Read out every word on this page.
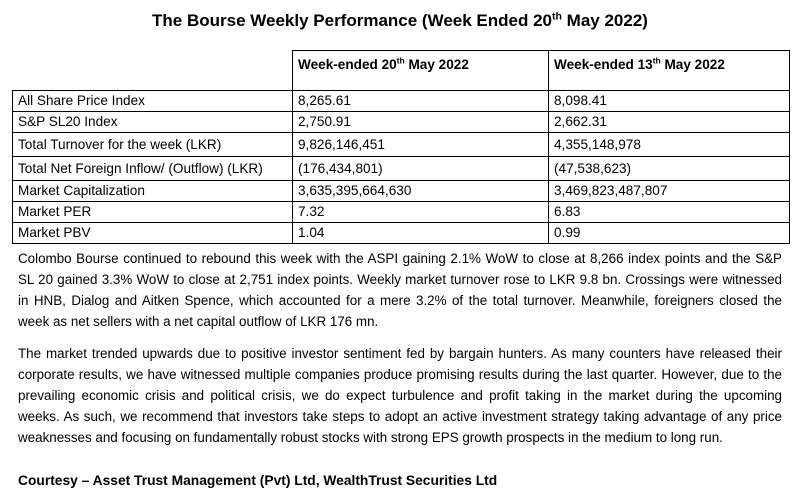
The Bourse Weekly Performance (Week Ended 20th May 2022)
	Week-ended 20th May 2022	Week-ended 13th May 2022
All Share Price Index	8,265.61	8,098.41
S&P SL20 Index	2,750.91	2,662.31
Total Turnover for the week (LKR)	9,826,146,451	4,355,148,978
Total Net Foreign Inflow/ (Outflow) (LKR)	(176,434,801)	(47,538,623)
Market Capitalization	3,635,395,664,630	3,469,823,487,807
Market PER	7.32	6.83
Market PBV	1.04	0.99

Colombo Bourse continued to rebound this week with the ASPI gaining 2.1% WoW to close at 8,266 index points and the S&P SL 20 gained 3.3% WoW to close at 2,751 index points. Weekly market turnover rose to LKR 9.8 bn. Crossings were witnessed in HNB, Dialog and Aitken Spence, which accounted for a mere 3.2% of the total turnover. Meanwhile, foreigners closed the week as net sellers with a net capital outflow of LKR 176 mn.

The market trended upwards due to positive investor sentiment fed by bargain hunters. As many counters have released their corporate results, we have witnessed multiple companies produce promising results during the last quarter. However, due to the prevailing economic crisis and political crisis, we do expect turbulence and profit taking in the market during the upcoming weeks. As such, we recommend that investors take steps to adopt an active investment strategy taking advantage of any price weaknesses and focusing on fundamentally robust stocks with strong EPS growth prospects in the medium to long run.

Courtesy – Asset Trust Management (Pvt) Ltd, WealthTrust Securities Ltd
